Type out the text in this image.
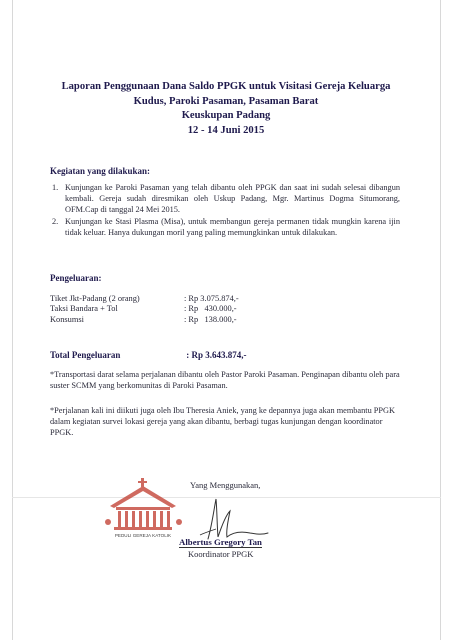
Laporan Penggunaan Dana Saldo PPGK untuk Visitasi Gereja Keluarga
Kudus, Paroki Pasaman, Pasaman Barat
Keuskupan Padang
12 - 14 Juni 2015
Kegiatan yang dilakukan:
1. Kunjungan ke Paroki Pasaman yang telah dibantu oleh PPGK dan saat ini sudah selesai dibangun kembali. Gereja sudah diresmikan oleh Uskup Padang, Mgr. Martinus Dogma Situmorang, OFM.Cap di tanggal 24 Mei 2015.
2. Kunjungan ke Stasi Plasma (Misa), untuk membangun gereja permanen tidak mungkin karena ijin tidak keluar. Hanya dukungan moril yang paling memungkinkan untuk dilakukan.
Pengeluaran:
Tiket Jkt-Padang (2 orang)	: Rp 3.075.874,-
Taksi Bandara + Tol	: Rp   430.000,-
Konsumsi	: Rp   138.000,-
Total Pengeluaran	: Rp 3.643.874,-
*Transportasi darat selama perjalanan dibantu oleh Pastor Paroki Pasaman. Penginapan dibantu oleh para suster SCMM yang berkomunitas di Paroki Pasaman.
*Perjalanan kali ini diikuti juga oleh Ibu Theresia Aniek, yang ke depannya juga akan membantu PPGK dalam kegiatan survei lokasi gereja yang akan dibantu, berbagi tugas kunjungan dengan koordinator PPGK.
Yang Menggunakan,
PEDULI GEREJA KATOLIK
Albertus Gregory Tan
Koordinator PPGK
